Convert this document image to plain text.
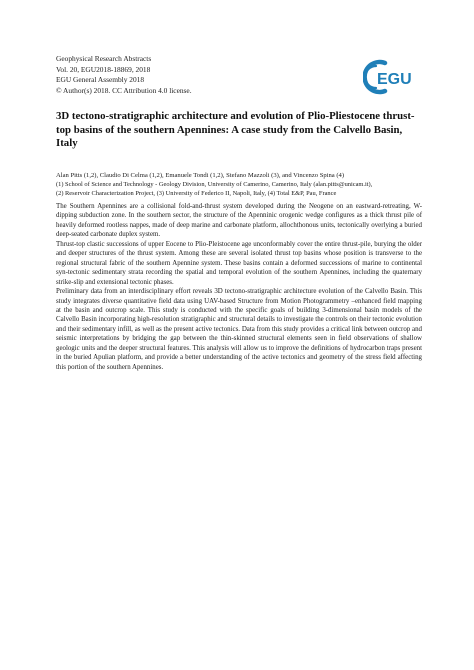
Geophysical Research Abstracts
Vol. 20, EGU2018-18869, 2018
EGU General Assembly 2018
© Author(s) 2018. CC Attribution 4.0 license.
EGU
3D tectono-stratigraphic architecture and evolution of Plio-Pliestocene thrust-top basins of the southern Apennines: A case study from the Calvello Basin, Italy
Alan Pitts (1,2), Claudio Di Celma (1,2), Emanuele Tondi (1,2), Stefano Mazzoli (3), and Vincenzo Spina (4)
(1) School of Science and Technology - Geology Division, University of Camerino, Camerino, Italy (alan.pitts@unicam.it),
(2) Reservoir Characterization Project, (3) University of Federico II, Napoli, Italy, (4) Total E&P, Pau, France

The Southern Apennines are a collisional fold-and-thrust system developed during the Neogene on an eastward-retreating, W-dipping subduction zone. In the southern sector, the structure of the Apenninic orogenic wedge configures as a thick thrust pile of heavily deformed rootless nappes, made of deep marine and carbonate platform, allochthonous units, tectonically overlying a buried deep-seated carbonate duplex system.

Thrust-top clastic successions of upper Eocene to Plio-Pleistocene age unconformably cover the entire thrust-pile, burying the older and deeper structures of the thrust system. Among these are several isolated thrust top basins whose position is transverse to the regional structural fabric of the southern Apennine system. These basins contain a deformed successions of marine to continental syn-tectonic sedimentary strata recording the spatial and temporal evolution of the southern Apennines, including the quaternary strike-slip and extensional tectonic phases.

Preliminary data from an interdisciplinary effort reveals 3D tectono-stratigraphic architecture evolution of the Calvello Basin. This study integrates diverse quantitative field data using UAV-based Structure from Motion Photogrammetry –enhanced field mapping at the basin and outcrop scale. This study is conducted with the specific goals of building 3-dimensional basin models of the Calvello Basin incorporating high-resolution stratigraphic and structural details to investigate the controls on their tectonic evolution and their sedimentary infill, as well as the present active tectonics. Data from this study provides a critical link between outcrop and seismic interpretations by bridging the gap between the thin-skinned structural elements seen in field observations of shallow geologic units and the deeper structural features. This analysis will allow us to improve the definitions of hydrocarbon traps present in the buried Apulian platform, and provide a better understanding of the active tectonics and geometry of the stress field affecting this portion of the southern Apennines.
